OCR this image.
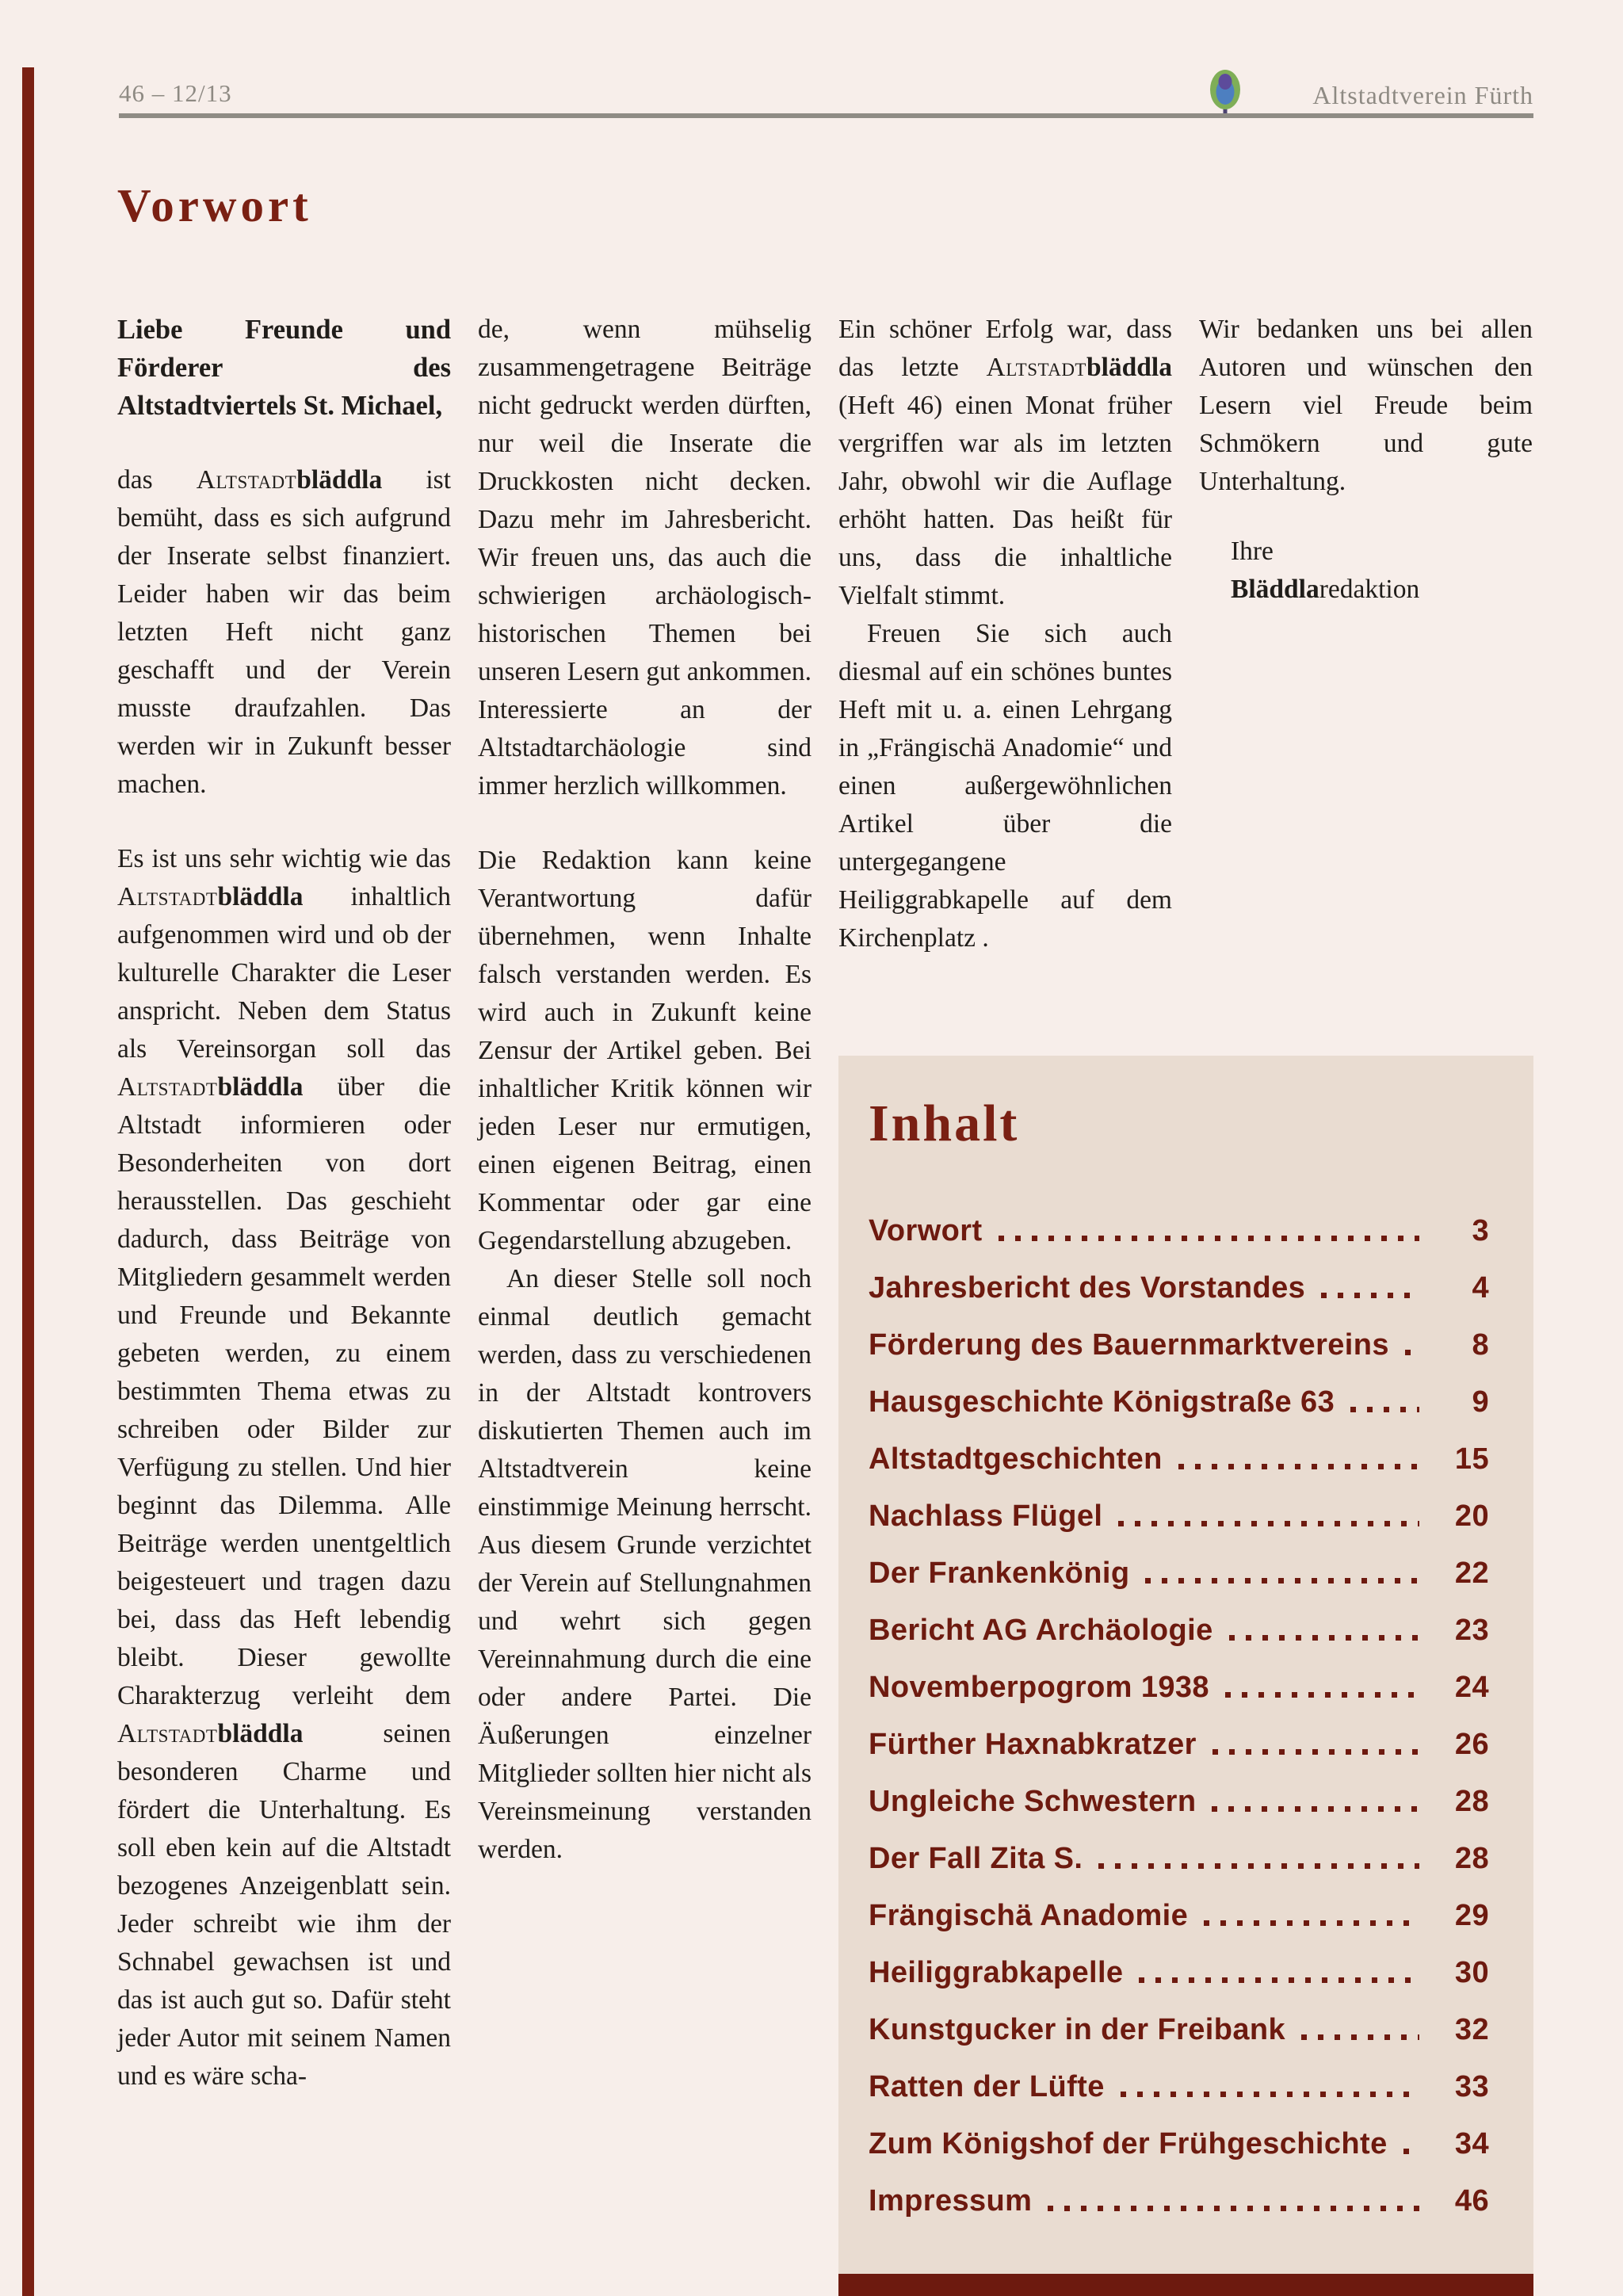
46 – 12/13	Altstadtverein Fürth
Vorwort

Liebe Freunde und Förderer des Altstadtviertels St. Michael,

das Altstadtbläddla ist bemüht, dass es sich aufgrund der Inserate selbst finanziert. Leider haben wir das beim letzten Heft nicht ganz geschafft und der Verein musste draufzahlen. Das werden wir in Zukunft besser machen.

Es ist uns sehr wichtig wie das Altstadtbläddla inhaltlich aufgenommen wird und ob der kulturelle Charakter die Leser anspricht. Neben dem Status als Vereinsorgan soll das Altstadtbläddla über die Altstadt informieren oder Besonderheiten von dort herausstellen. Das geschieht dadurch, dass Beiträge von Mitgliedern gesammelt werden und Freunde und Bekannte gebeten werden, zu einem bestimmten Thema etwas zu schreiben oder Bilder zur Verfügung zu stellen. Und hier beginnt das Dilemma. Alle Beiträge werden unentgeltlich beigesteuert und tragen dazu bei, dass das Heft lebendig bleibt. Dieser gewollte Charakterzug verleiht dem Altstadtbläddla seinen besonderen Charme und fördert die Unterhaltung. Es soll eben kein auf die Altstadt bezogenes Anzeigenblatt sein. Jeder schreibt wie ihm der Schnabel gewachsen ist und das ist auch gut so. Dafür steht jeder Autor mit seinem Namen und es wäre scha-

de, wenn mühselig zusammengetragene Beiträge nicht gedruckt werden dürften, nur weil die Inserate die Druckkosten nicht decken. Dazu mehr im Jahresbericht. Wir freuen uns, das auch die schwierigen archäologisch-historischen Themen bei unseren Lesern gut ankommen. Interessierte an der Altstadtarchäologie sind immer herzlich willkommen.

Die Redaktion kann keine Verantwortung dafür übernehmen, wenn Inhalte falsch verstanden werden. Es wird auch in Zukunft keine Zensur der Artikel geben. Bei inhaltlicher Kritik können wir jeden Leser nur ermutigen, einen eigenen Beitrag, einen Kommentar oder gar eine Gegendarstellung abzugeben.

An dieser Stelle soll noch einmal deutlich gemacht werden, dass zu verschiedenen in der Altstadt kontrovers diskutierten Themen auch im Altstadtverein keine einstimmige Meinung herrscht. Aus diesem Grunde verzichtet der Verein auf Stellungnahmen und wehrt sich gegen Vereinnahmung durch die eine oder andere Partei. Die Äußerungen einzelner Mitglieder sollten hier nicht als Vereinsmeinung verstanden werden.

Ein schöner Erfolg war, dass das letzte Altstadtbläddla (Heft 46) einen Monat früher vergriffen war als im letzten Jahr, obwohl wir die Auflage erhöht hatten. Das heißt für uns, dass die inhaltliche Vielfalt stimmt.

Freuen Sie sich auch diesmal auf ein schönes buntes Heft mit u. a. einen Lehrgang in „Frängischä Anadomie“ und einen außergewöhnlichen Artikel über die untergegangene Heiliggrabkapelle auf dem Kirchenplatz .

Wir bedanken uns bei allen Autoren und wünschen den Lesern viel Freude beim Schmökern und gute Unterhaltung.

Ihre

Bläddlaredaktion

Inhalt
Vorwort	3
Jahresbericht des Vorstandes	4
Förderung des Bauernmarktvereins	8
Hausgeschichte Königstraße 63	9
Altstadtgeschichten	15
Nachlass Flügel	20
Der Frankenkönig	22
Bericht AG Archäologie	23
Novemberpogrom 1938	24
Fürther Haxnabkratzer	26
Ungleiche Schwestern	28
Der Fall Zita S.	28
Frängischä Anadomie	29
Heiliggrabkapelle	30
Kunstgucker in der Freibank	32
Ratten der Lüfte	33
Zum Königshof der Frühgeschichte	34
Impressum	46
